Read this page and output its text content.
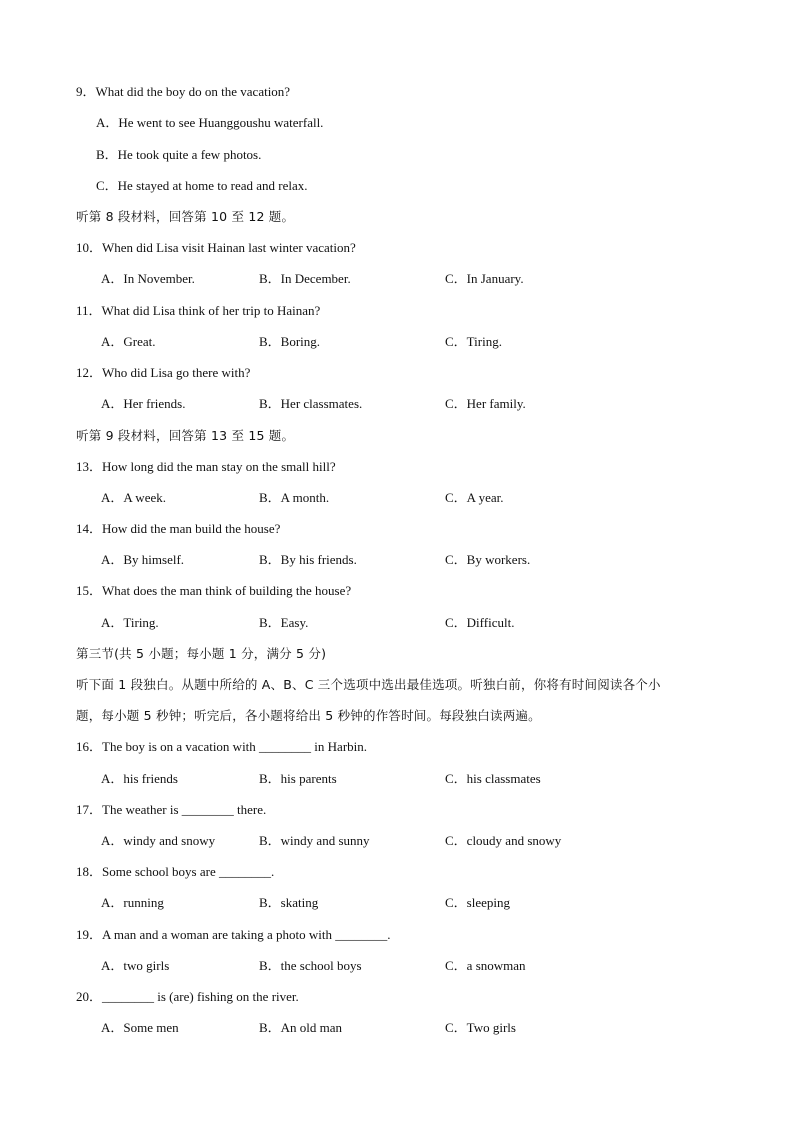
9．What did the boy do on the vacation?
A．He went to see Huanggoushu waterfall.
B．He took quite a few photos.
C．He stayed at home to read and relax.
听第 8 段材料，回答第 10 至 12 题。
10．When did Lisa visit Hainan last winter vacation?
A．In November.	B．In December.	C．In January.
11．What did Lisa think of her trip to Hainan?
A．Great.	B．Boring.	C．Tiring.
12．Who did Lisa go there with?
A．Her friends.	B．Her classmates.	C．Her family.
听第 9 段材料，回答第 13 至 15 题。
13．How long did the man stay on the small hill?
A．A week.	B．A month.	C．A year.
14．How did the man build the house?
A．By himself.	B．By his friends.	C．By workers.
15．What does the man think of building the house?
A．Tiring.	B．Easy.	C．Difficult.
第三节(共 5 小题；每小题 1 分，满分 5 分)
听下面 1 段独白。从题中所给的 A、B、C 三个选项中选出最佳选项。听独白前，你将有时间阅读各个小
题，每小题 5 秒钟；听完后，各小题将给出 5 秒钟的作答时间。每段独白读两遍。
16．The boy is on a vacation with ________ in Harbin.
A．his friends	B．his parents	C．his classmates
17．The weather is ________ there.
A．windy and snowy	B．windy and sunny	C．cloudy and snowy
18．Some school boys are ________.
A．running	B．skating	C．sleeping
19．A man and a woman are taking a photo with ________.
A．two girls	B．the school boys	C．a snowman
20．________ is (are) fishing on the river.
A．Some men	B．An old man	C．Two girls
